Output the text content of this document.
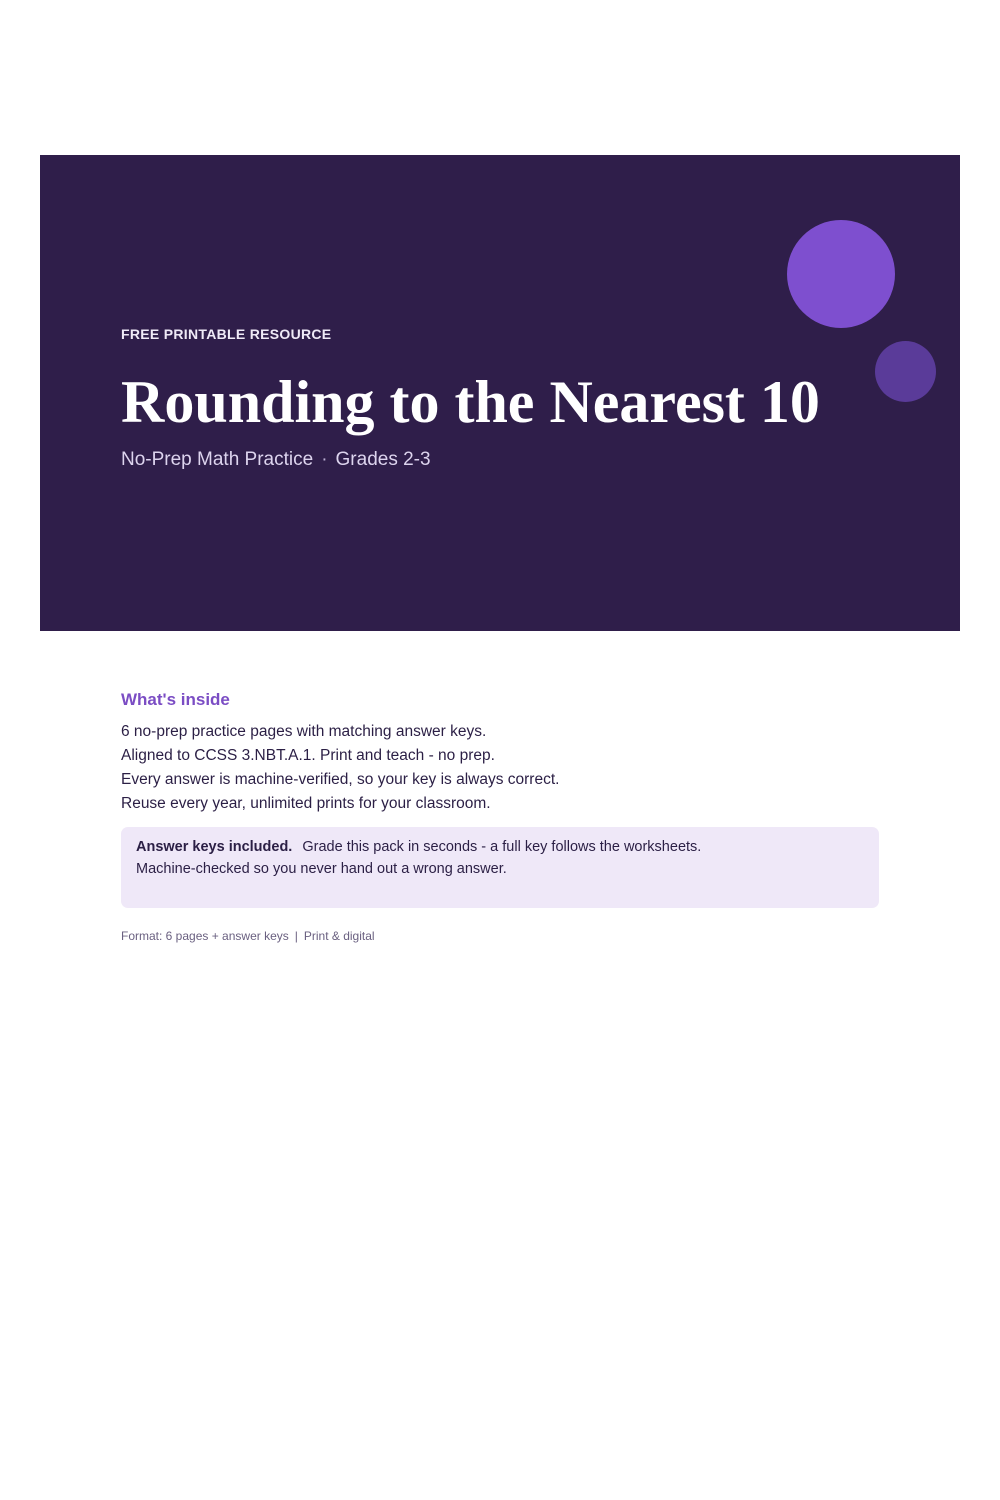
FREE PRINTABLE RESOURCE
Rounding to the Nearest 10
No-Prep Math Practice · Grades 2-3
What's inside
6 no-prep practice pages with matching answer keys.
Aligned to CCSS 3.NBT.A.1. Print and teach - no prep.
Every answer is machine-verified, so your key is always correct.
Reuse every year, unlimited prints for your classroom.
Answer keys included. Grade this pack in seconds - a full key follows the worksheets.
Machine-checked so you never hand out a wrong answer.
Format: 6 pages + answer keys | Print & digital
